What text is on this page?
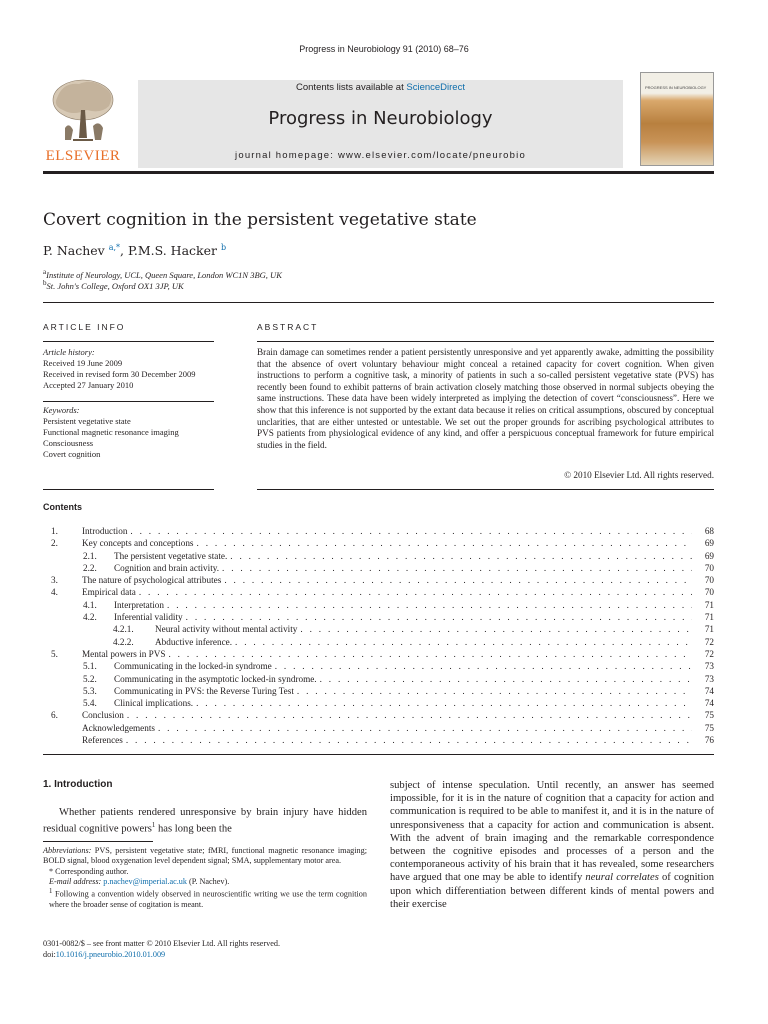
Progress in Neurobiology 91 (2010) 68–76
ELSEVIER
Contents lists available at ScienceDirect
Progress in Neurobiology
journal homepage: www.elsevier.com/locate/pneurobio
PROGRESS IN NEUROBIOLOGY
Covert cognition in the persistent vegetative state
P. Nachev $^{a,*}$, P.M.S. Hacker $^b$
$^a$Institute of Neurology, UCL, Queen Square, London WC1N 3BG, UK
$^b$St. John's College, Oxford OX1 3JP, UK
ARTICLE INFO	ABSTRACT
Article history:
Received 19 June 2009
Received in revised form 30 December 2009
Accepted 27 January 2010
Keywords:
Persistent vegetative state
Functional magnetic resonance imaging
Consciousness
Covert cognition
Brain damage can sometimes render a patient persistently unresponsive and yet apparently awake, admitting the possibility that the absence of overt voluntary behaviour might conceal a retained capacity for covert cognition. When given instructions to perform a cognitive task, a minority of patients in such a so-called persistent vegetative state (PVS) has recently been found to exhibit patterns of brain activation closely matching those observed in normal subjects obeying the same instructions. These data have been widely interpreted as implying the detection of covert “consciousness”. Here we show that this inference is not supported by the extant data because it relies on critical assumptions, obscured by conceptual unclarities, that are either untested or untestable. We set out the proper grounds for ascribing psychological attributes to PVS patients from physiological evidence of any kind, and offer a perspicuous conceptual framework for future empirical studies in the field.
© 2010 Elsevier Ltd. All rights reserved.
Contents
1.	Introduction . . .	68
2.	Key concepts and conceptions . . .	69
2.1.	The persistent vegetative state. . . .	69
2.2.	Cognition and brain activity. . . .	70
3.	The nature of psychological attributes . . .	70
4.	Empirical data . . .	70
4.1.	Interpretation . . .	71
4.2.	Inferential validity . . .	71
4.2.1.	Neural activity without mental activity . . .	71
4.2.2.	Abductive inference. . . .	72
5.	Mental powers in PVS . . .	72
5.1.	Communicating in the locked-in syndrome . . .	73
5.2.	Communicating in the asymptotic locked-in syndrome. . . .	73
5.3.	Communicating in PVS: the Reverse Turing Test . . .	74
5.4.	Clinical implications. . . .	74
6.	Conclusion . . .	75
Acknowledgements . . .	75
References . . .	76
1. Introduction
Whether patients rendered unresponsive by brain injury have hidden residual cognitive powers$^1$ has long been the
Abbreviations: PVS, persistent vegetative state; fMRI, functional magnetic resonance imaging; BOLD signal, blood oxygenation level dependent signal; SMA, supplementary motor area.
* Corresponding author.
E-mail address: p.nachev@imperial.ac.uk (P. Nachev).
$^1$ Following a convention widely observed in neuroscientific writing we use the term cognition where the broader sense of cogitation is meant.
0301-0082/$ – see front matter © 2010 Elsevier Ltd. All rights reserved.
doi:10.1016/j.pneurobio.2010.01.009
subject of intense speculation. Until recently, an answer has seemed impossible, for it is in the nature of cognition that a capacity for action and communication is required to be able to manifest it, and it is in the nature of unresponsiveness that a capacity for action and communication is absent. With the advent of brain imaging and the remarkable correspondence between the cognitive episodes and processes of a person and the contemporaneous activity of his brain that it has revealed, some researchers have argued that one may be able to identify neural correlates of cognition upon which differentiation between different kinds of mental powers and their exercise
